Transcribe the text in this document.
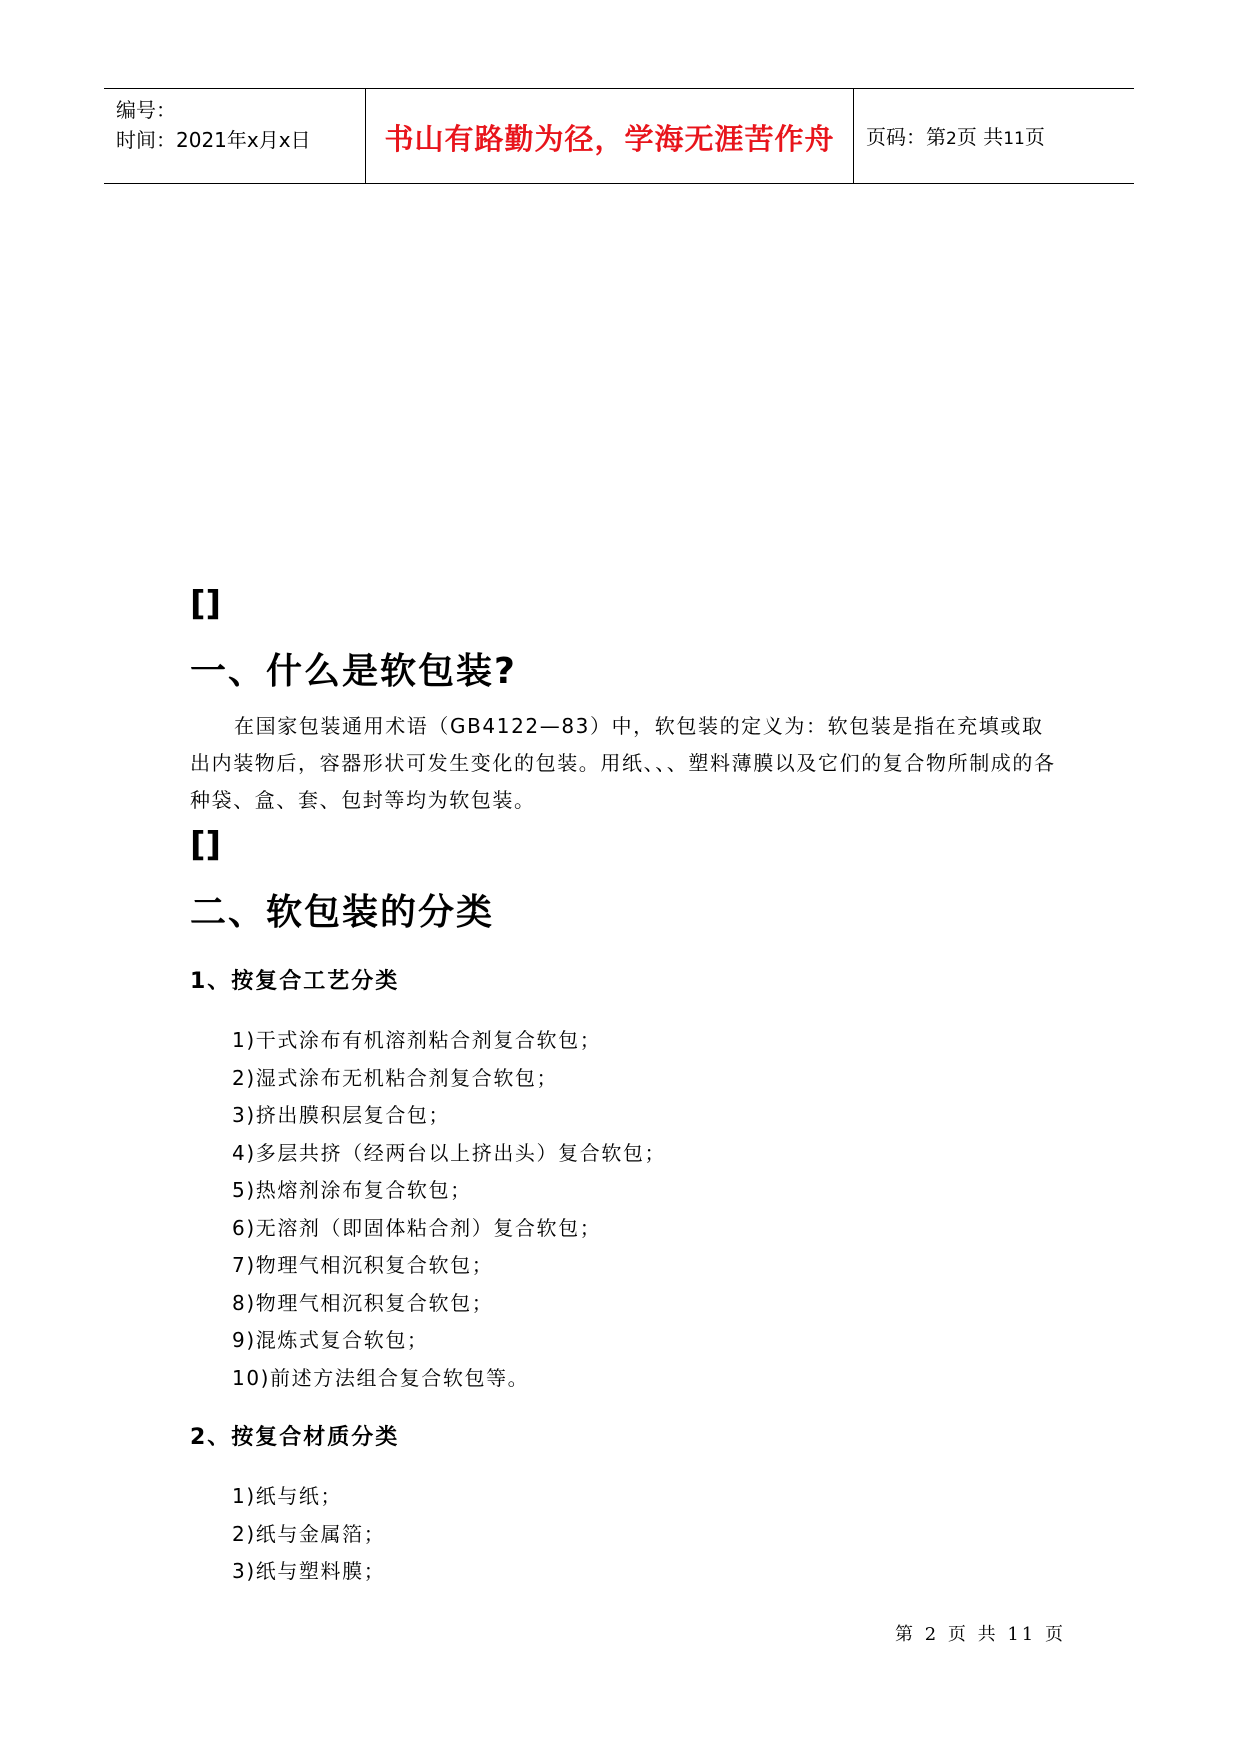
编号：
时间：2021年x月x日	书山有路勤为径，学海无涯苦作舟	页码：第2页 共11页
[]
一、什么是软包装?
在国家包装通用术语（GB4122—83）中，软包装的定义为：软包装是指在充填或取出内装物后，容器形状可发生变化的包装。用纸、、、塑料薄膜以及它们的复合物所制成的各种袋、盒、套、包封等均为软包装。
[]
二、软包装的分类
1、按复合工艺分类
1)干式涂布有机溶剂粘合剂复合软包；
2)湿式涂布无机粘合剂复合软包；
3)挤出膜积层复合包；
4)多层共挤（经两台以上挤出头）复合软包；
5)热熔剂涂布复合软包；
6)无溶剂（即固体粘合剂）复合软包；
7)物理气相沉积复合软包；
8)物理气相沉积复合软包；
9)混炼式复合软包；
10)前述方法组合复合软包等。
2、按复合材质分类
1)纸与纸；
2)纸与金属箔；
3)纸与塑料膜；
第 2 页 共 11 页
